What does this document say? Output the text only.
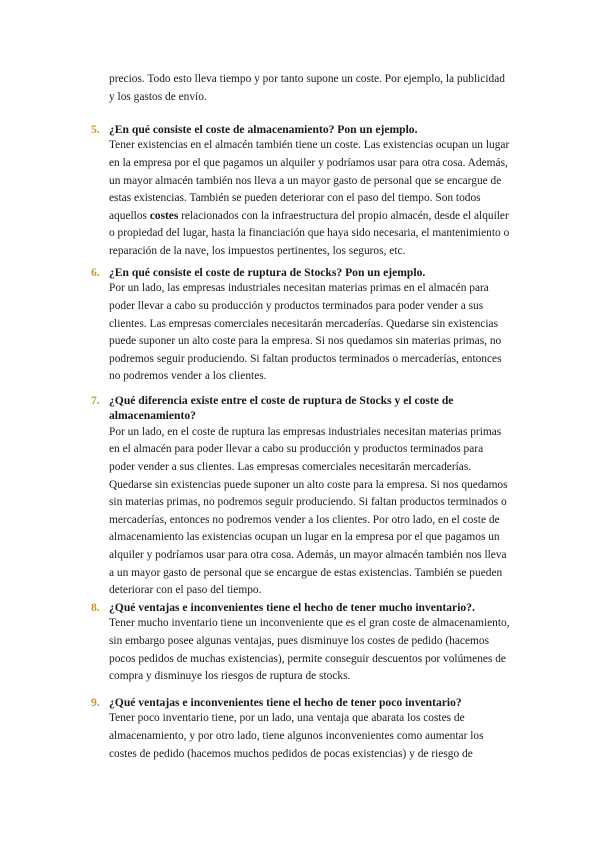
precios. Todo esto lleva tiempo y por tanto supone un coste. Por ejemplo, la publicidad y los gastos de envío.

5. ¿En qué consiste el coste de almacenamiento? Pon un ejemplo.

Tener existencias en el almacén también tiene un coste. Las existencias ocupan un lugar en la empresa por el que pagamos un alquiler y podríamos usar para otra cosa. Además, un mayor almacén también nos lleva a un mayor gasto de personal que se encargue de estas existencias. También se pueden deteriorar con el paso del tiempo. Son todos aquellos costes relacionados con la infraestructura del propio almacén, desde el alquiler o propiedad del lugar, hasta la financiación que haya sido necesaria, el mantenimiento o reparación de la nave, los impuestos pertinentes, los seguros, etc.

6. ¿En qué consiste el coste de ruptura de Stocks? Pon un ejemplo.

Por un lado, las empresas industriales necesitan materias primas en el almacén para poder llevar a cabo su producción y productos terminados para poder vender a sus clientes. Las empresas comerciales necesitarán mercaderías. Quedarse sin existencias puede suponer un alto coste para la empresa. Si nos quedamos sin materias primas, no podremos seguir produciendo. Si faltan productos terminados o mercaderías, entonces no podremos vender a los clientes.

7. ¿Qué diferencia existe entre el coste de ruptura de Stocks y el coste de almacenamiento?

Por un lado, en el coste de ruptura las empresas industriales necesitan materias primas en el almacén para poder llevar a cabo su producción y productos terminados para poder vender a sus clientes. Las empresas comerciales necesitarán mercaderías. Quedarse sin existencias puede suponer un alto coste para la empresa. Si nos quedamos sin materias primas, no podremos seguir produciendo. Si faltan productos terminados o mercaderías, entonces no podremos vender a los clientes. Por otro lado, en el coste de almacenamiento las existencias ocupan un lugar en la empresa por el que pagamos un alquiler y podríamos usar para otra cosa. Además, un mayor almacén también nos lleva a un mayor gasto de personal que se encargue de estas existencias. También se pueden deteriorar con el paso del tiempo.

8. ¿Qué ventajas e inconvenientes tiene el hecho de tener mucho inventario?.

Tener mucho inventario tiene un inconveniente que es el gran coste de almacenamiento, sin embargo posee algunas ventajas, pues disminuye los costes de pedido (hacemos pocos pedidos de muchas existencias), permite conseguir descuentos por volúmenes de compra y disminuye los riesgos de ruptura de stocks.

9. ¿Qué ventajas e inconvenientes tiene el hecho de tener poco inventario?

Tener poco inventario tiene, por un lado, una ventaja que abarata los costes de almacenamiento, y por otro lado, tiene algunos inconvenientes como aumentar los costes de pedido (hacemos muchos pedidos de pocas existencias) y de riesgo de
